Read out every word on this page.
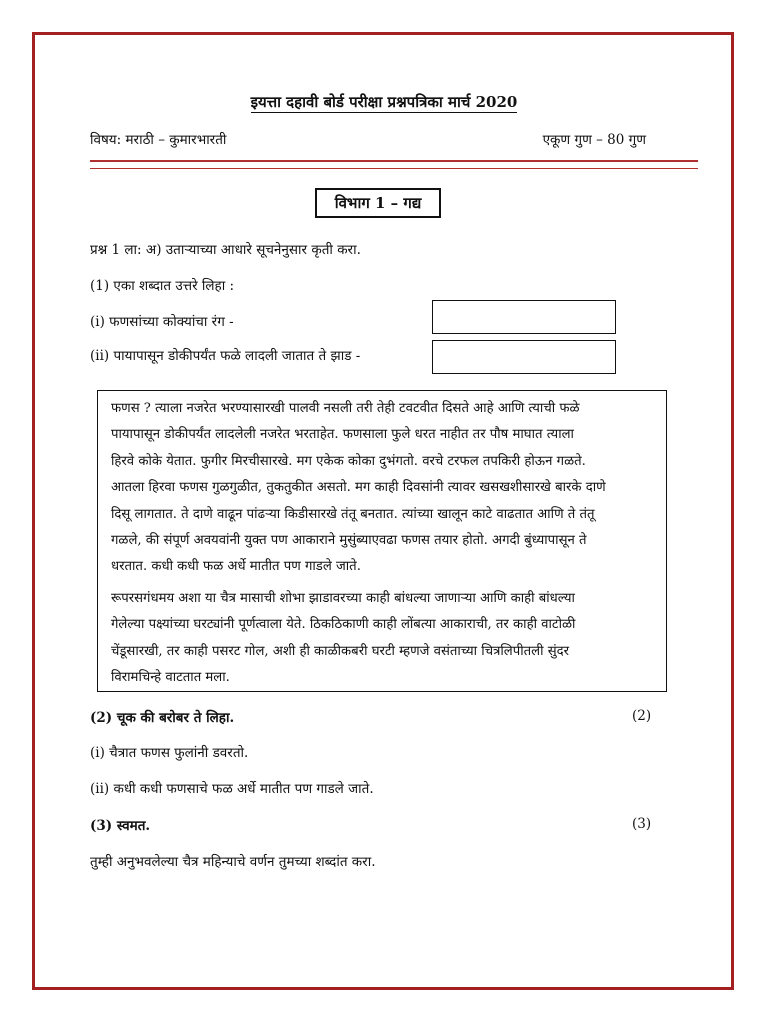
इयत्ता दहावी बोर्ड परीक्षा प्रश्नपत्रिका मार्च 2020
विषय: मराठी – कुमारभारती	एकूण गुण – 80 गुण
विभाग 1 – गद्य
प्रश्न 1 ला: अ) उताऱ्याच्या आधारे सूचनेनुसार कृती करा.
(1) एका शब्दात उत्तरे लिहा :
(i) फणसांच्या कोक्यांचा रंग -
(ii) पायापासून डोकीपर्यंत फळे लादली जातात ते झाड -

फणस ? त्याला नजरेत भरण्यासारखी पालवी नसली तरी तेही टवटवीत दिसते आहे आणि त्याची फळे
पायापासून डोकीपर्यंत लादलेली नजरेत भरताहेत. फणसाला फुले धरत नाहीत तर पौष माघात त्याला
हिरवे कोके येतात. फुगीर मिरचीसारखे. मग एकेक कोका दुभंगतो. वरचे टरफल तपकिरी होऊन गळते.
आतला हिरवा फणस गुळगुळीत, तुकतुकीत असतो. मग काही दिवसांनी त्यावर खसखशीसारखे बारके दाणे
दिसू लागतात. ते दाणे वाढून पांढऱ्या किडीसारखे तंतू बनतात. त्यांच्या खालून काटे वाढतात आणि ते तंतू
गळले, की संपूर्ण अवयवांनी युक्त पण आकाराने मुसुंब्याएवढा फणस तयार होतो. अगदी बुंध्यापासून ते
धरतात. कधी कधी फळ अर्धे मातीत पण गाडले जाते.

रूपरसगंधमय अशा या चैत्र मासाची शोभा झाडावरच्या काही बांधल्या जाणाऱ्या आणि काही बांधल्या
गेलेल्या पक्ष्यांच्या घरट्यांनी पूर्णत्वाला येते. ठिकठिकाणी काही लोंबत्या आकाराची, तर काही वाटोळी
चेंडूसारखी, तर काही पसरट गोल, अशी ही काळीकबरी घरटी म्हणजे वसंताच्या चित्रलिपीतली सुंदर
विरामचिन्हे वाटतात मला.

(2) चूक की बरोबर ते लिहा.	(2)
(i) चैत्रात फणस फुलांनी डवरतो.
(ii) कधी कधी फणसाचे फळ अर्धे मातीत पण गाडले जाते.
(3) स्वमत.	(3)
तुम्ही अनुभवलेल्या चैत्र महिन्याचे वर्णन तुमच्या शब्दांत करा.
